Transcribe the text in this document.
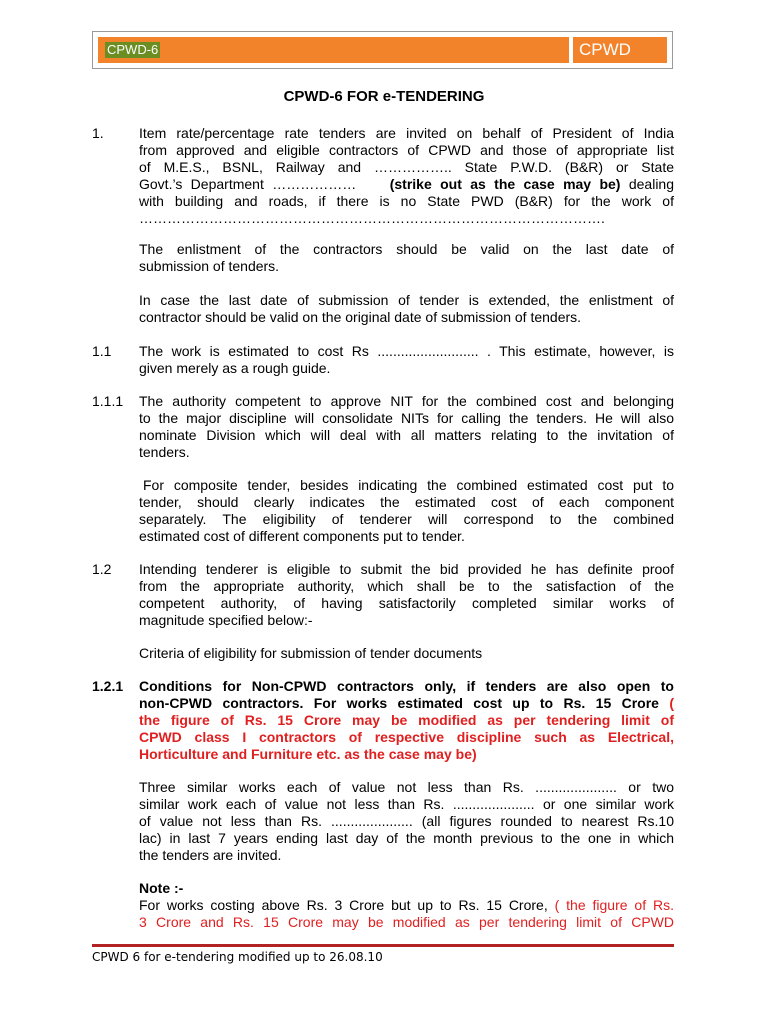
CPWD-6	CPWD
CPWD-6 FOR e-TENDERING
1.	Item rate/percentage rate tenders are invited on behalf of President of India
from approved and eligible contractors of CPWD and those of appropriate list
of M.E.S., BSNL, Railway and …………….. State P.W.D. (B&R) or State
Govt.’s Department ……………… (strike out as the case may be) dealing
with building and roads, if there is no State PWD (B&R) for the work of
……………………………………………………………………………………….
The enlistment of the contractors should be valid on the last date of
submission of tenders.
In case the last date of submission of tender is extended, the enlistment of
contractor should be valid on the original date of submission of tenders.
1.1 The work is estimated to cost Rs .......................... . This estimate, however, is
given merely as a rough guide.
1.1.1 The authority competent to approve NIT for the combined cost and belonging
to the major discipline will consolidate NITs for calling the tenders. He will also
nominate Division which will deal with all matters relating to the invitation of
tenders.
For composite tender, besides indicating the combined estimated cost put to
tender, should clearly indicates the estimated cost of each component
separately. The eligibility of tenderer will correspond to the combined
estimated cost of different components put to tender.
1.2 Intending tenderer is eligible to submit the bid provided he has definite proof
from the appropriate authority, which shall be to the satisfaction of the
competent authority, of having satisfactorily completed similar works of
magnitude specified below:-
Criteria of eligibility for submission of tender documents
1.2.1 Conditions for Non-CPWD contractors only, if tenders are also open to
non-CPWD contractors. For works estimated cost up to Rs. 15 Crore (
the figure of Rs. 15 Crore may be modified as per tendering limit of
CPWD class I contractors of respective discipline such as Electrical,
Horticulture and Furniture etc. as the case may be)
Three similar works each of value not less than Rs. ..................... or two
similar work each of value not less than Rs. ..................... or one similar work
of value not less than Rs. ..................... (all figures rounded to nearest Rs.10
lac) in last 7 years ending last day of the month previous to the one in which
the tenders are invited.
Note :-
For works costing above Rs. 3 Crore but up to Rs. 15 Crore, ( the figure of Rs.
3 Crore and Rs. 15 Crore may be modified as per tendering limit of CPWD
CPWD 6 for e-tendering modified up to 26.08.10
